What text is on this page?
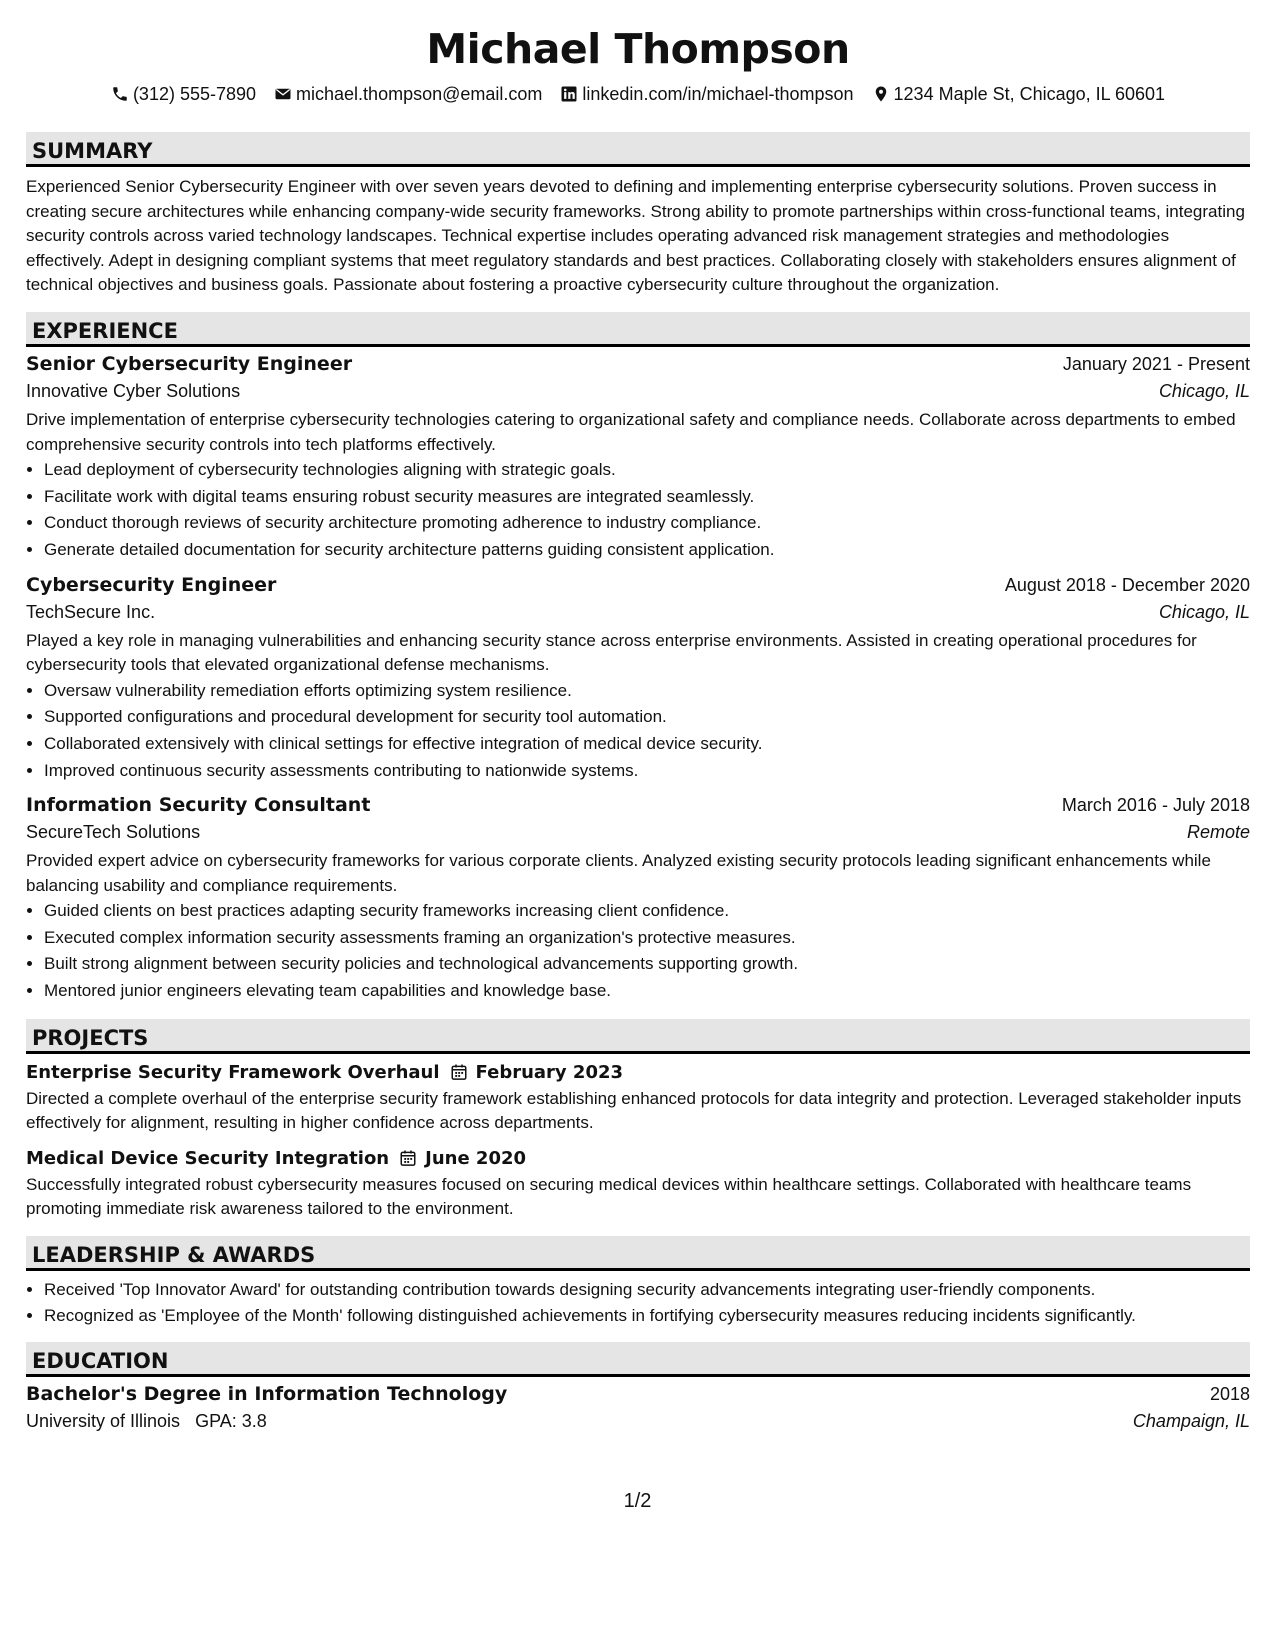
Michael Thompson
(312) 555-7890 michael.thompson@email.com linkedin.com/in/michael-thompson 1234 Maple St, Chicago, IL 60601
SUMMARY
Experienced Senior Cybersecurity Engineer with over seven years devoted to defining and implementing enterprise cybersecurity solutions. Proven success in creating secure architectures while enhancing company-wide security frameworks. Strong ability to promote partnerships within cross-functional teams, integrating security controls across varied technology landscapes. Technical expertise includes operating advanced risk management strategies and methodologies effectively. Adept in designing compliant systems that meet regulatory standards and best practices. Collaborating closely with stakeholders ensures alignment of technical objectives and business goals. Passionate about fostering a proactive cybersecurity culture throughout the organization.
EXPERIENCE
Senior Cybersecurity Engineer	January 2021 - Present
Innovative Cyber Solutions	Chicago, IL
Drive implementation of enterprise cybersecurity technologies catering to organizational safety and compliance needs. Collaborate across departments to embed comprehensive security controls into tech platforms effectively.
• Lead deployment of cybersecurity technologies aligning with strategic goals.
• Facilitate work with digital teams ensuring robust security measures are integrated seamlessly.
• Conduct thorough reviews of security architecture promoting adherence to industry compliance.
• Generate detailed documentation for security architecture patterns guiding consistent application.
Cybersecurity Engineer	August 2018 - December 2020
TechSecure Inc.	Chicago, IL
Played a key role in managing vulnerabilities and enhancing security stance across enterprise environments. Assisted in creating operational procedures for cybersecurity tools that elevated organizational defense mechanisms.
• Oversaw vulnerability remediation efforts optimizing system resilience.
• Supported configurations and procedural development for security tool automation.
• Collaborated extensively with clinical settings for effective integration of medical device security.
• Improved continuous security assessments contributing to nationwide systems.
Information Security Consultant	March 2016 - July 2018
SecureTech Solutions	Remote
Provided expert advice on cybersecurity frameworks for various corporate clients. Analyzed existing security protocols leading significant enhancements while balancing usability and compliance requirements.
• Guided clients on best practices adapting security frameworks increasing client confidence.
• Executed complex information security assessments framing an organization's protective measures.
• Built strong alignment between security policies and technological advancements supporting growth.
• Mentored junior engineers elevating team capabilities and knowledge base.
PROJECTS
Enterprise Security Framework Overhaul February 2023
Directed a complete overhaul of the enterprise security framework establishing enhanced protocols for data integrity and protection. Leveraged stakeholder inputs effectively for alignment, resulting in higher confidence across departments.
Medical Device Security Integration June 2020
Successfully integrated robust cybersecurity measures focused on securing medical devices within healthcare settings. Collaborated with healthcare teams promoting immediate risk awareness tailored to the environment.
LEADERSHIP & AWARDS
• Received 'Top Innovator Award' for outstanding contribution towards designing security advancements integrating user-friendly components.
• Recognized as 'Employee of the Month' following distinguished achievements in fortifying cybersecurity measures reducing incidents significantly.
EDUCATION
Bachelor's Degree in Information Technology	2018
University of Illinois GPA: 3.8	Champaign, IL
1/2
